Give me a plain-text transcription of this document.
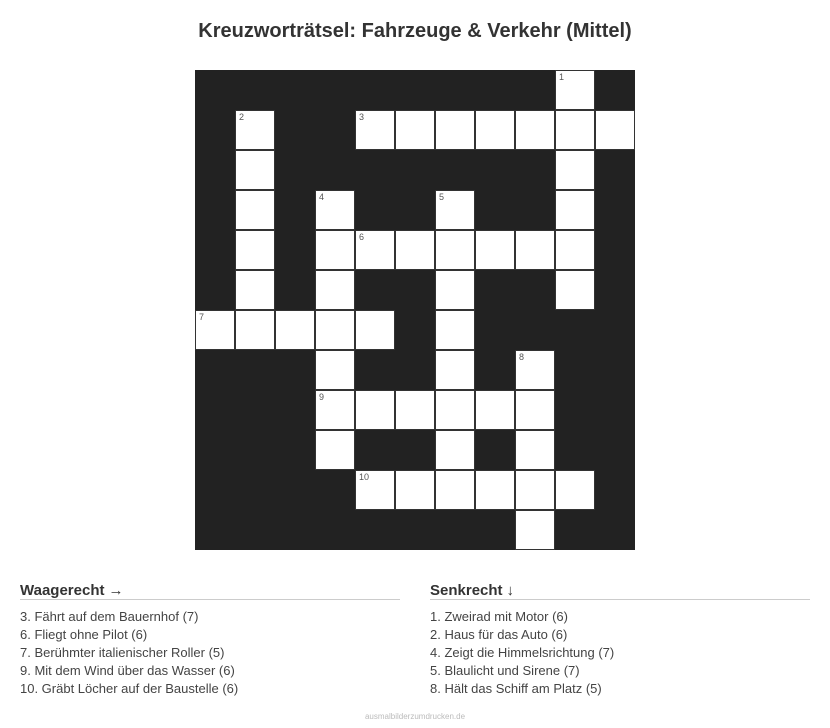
Kreuzworträtsel: Fahrzeuge & Verkehr (Mittel)
1
2	3
4	5
6
7
8
9
10
Waagerecht →
3. Fährt auf dem Bauernhof (7)
6. Fliegt ohne Pilot (6)
7. Berühmter italienischer Roller (5)
9. Mit dem Wind über das Wasser (6)
10. Gräbt Löcher auf der Baustelle (6)
Senkrecht ↓
1. Zweirad mit Motor (6)
2. Haus für das Auto (6)
4. Zeigt die Himmelsrichtung (7)
5. Blaulicht und Sirene (7)
8. Hält das Schiff am Platz (5)
ausmalbilderzumdrucken.de
